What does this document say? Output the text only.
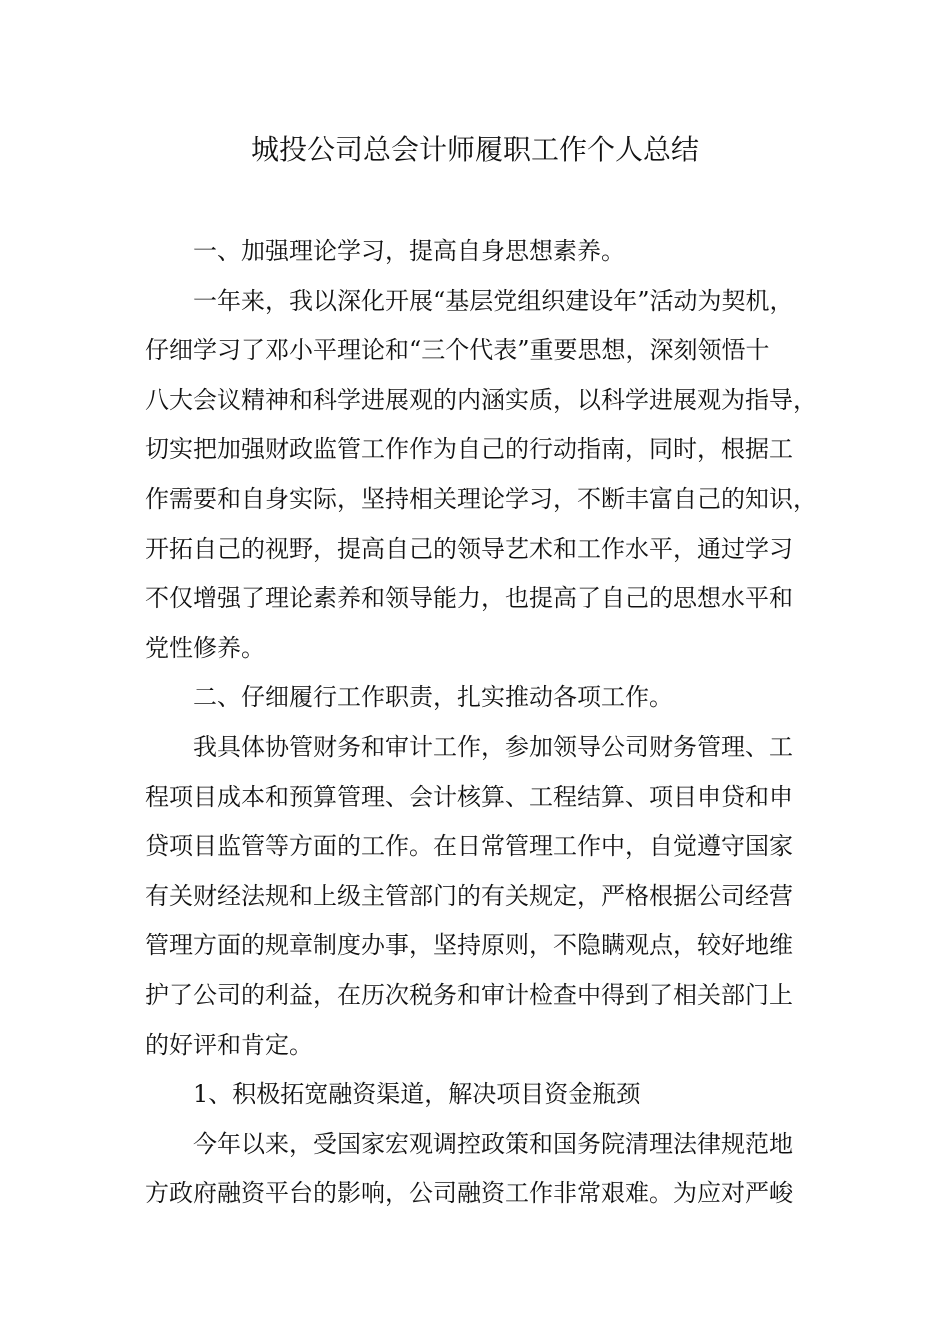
城投公司总会计师履职工作个人总结
一、加强理论学习，提高自身思想素养。
一年来，我以深化开展“基层党组织建设年”活动为契机，
仔细学习了邓小平理论和“三个代表”重要思想，深刻领悟十
八大会议精神和科学进展观的内涵实质，以科学进展观为指导，
切实把加强财政监管工作作为自己的行动指南，同时，根据工
作需要和自身实际，坚持相关理论学习，不断丰富自己的知识，
开拓自己的视野，提高自己的领导艺术和工作水平，通过学习
不仅增强了理论素养和领导能力，也提高了自己的思想水平和
党性修养。
二、仔细履行工作职责，扎实推动各项工作。
我具体协管财务和审计工作，参加领导公司财务管理、工
程项目成本和预算管理、会计核算、工程结算、项目申贷和申
贷项目监管等方面的工作。在日常管理工作中，自觉遵守国家
有关财经法规和上级主管部门的有关规定，严格根据公司经营
管理方面的规章制度办事，坚持原则，不隐瞒观点，较好地维
护了公司的利益，在历次税务和审计检查中得到了相关部门上
的好评和肯定。
1、积极拓宽融资渠道，解决项目资金瓶颈
今年以来，受国家宏观调控政策和国务院清理法律规范地
方政府融资平台的影响，公司融资工作非常艰难。为应对严峻
